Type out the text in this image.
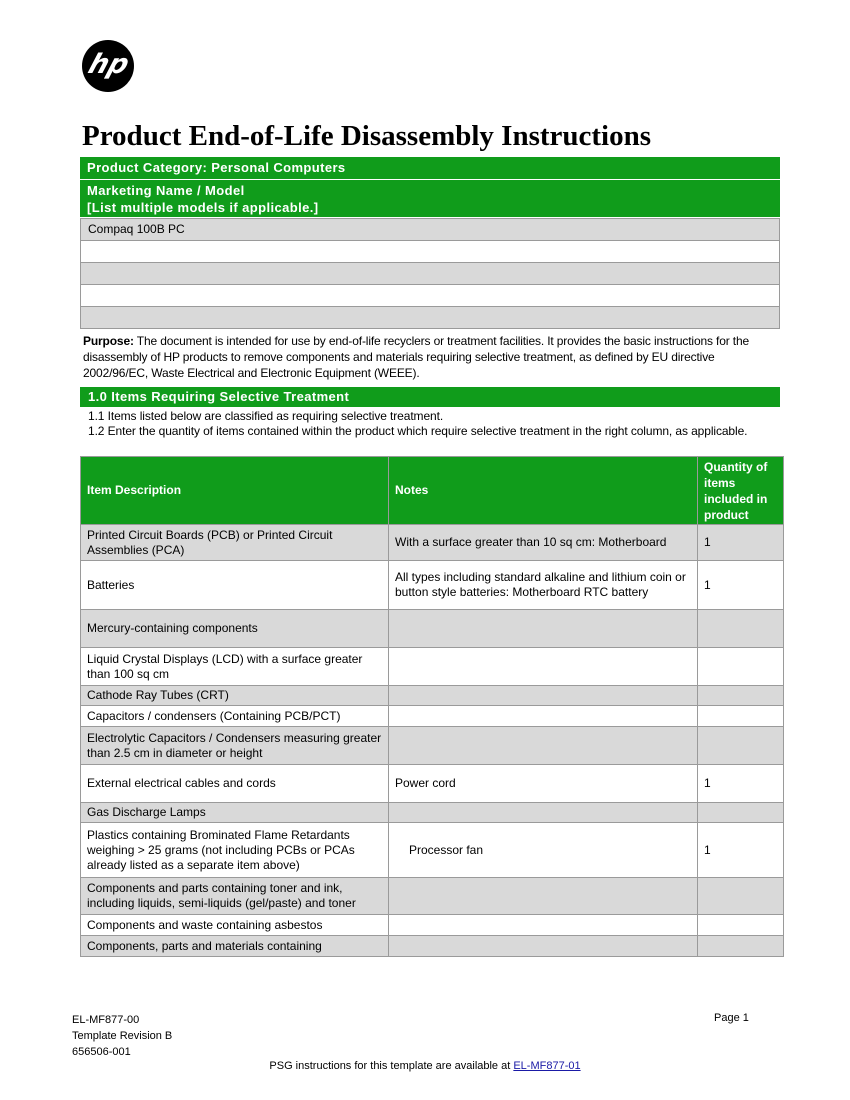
hp
Product End-of-Life Disassembly Instructions
Product Category: Personal Computers
Marketing Name / Model
[List multiple models if applicable.]
Compaq 100B PC

Purpose: The document is intended for use by end-of-life recyclers or treatment facilities. It provides the basic instructions for the disassembly of HP products to remove components and materials requiring selective treatment, as defined by EU directive 2002/96/EC, Waste Electrical and Electronic Equipment (WEEE).

1.0 Items Requiring Selective Treatment

1.1 Items listed below are classified as requiring selective treatment.

1.2 Enter the quantity of items contained within the product which require selective treatment in the right column, as applicable.

Item Description	Notes	Quantity of items included in product
Printed Circuit Boards (PCB) or Printed Circuit Assemblies (PCA)	With a surface greater than 10 sq cm: Motherboard	1
Batteries	All types including standard alkaline and lithium coin or button style batteries: Motherboard RTC battery	1
Mercury-containing components		
Liquid Crystal Displays (LCD) with a surface greater than 100 sq cm		
Cathode Ray Tubes (CRT)		
Capacitors / condensers (Containing PCB/PCT)		
Electrolytic Capacitors / Condensers measuring greater than 2.5 cm in diameter or height		
External electrical cables and cords	Power cord	1
Gas Discharge Lamps		
Plastics containing Brominated Flame Retardants weighing > 25 grams (not including PCBs or PCAs already listed as a separate item above)	Processor fan	1
Components and parts containing toner and ink, including liquids, semi-liquids (gel/paste) and toner		
Components and waste containing asbestos		
Components, parts and materials containing		
EL-MF877-00
Template Revision B
656506-001
Page 1
PSG instructions for this template are available at EL-MF877-01
